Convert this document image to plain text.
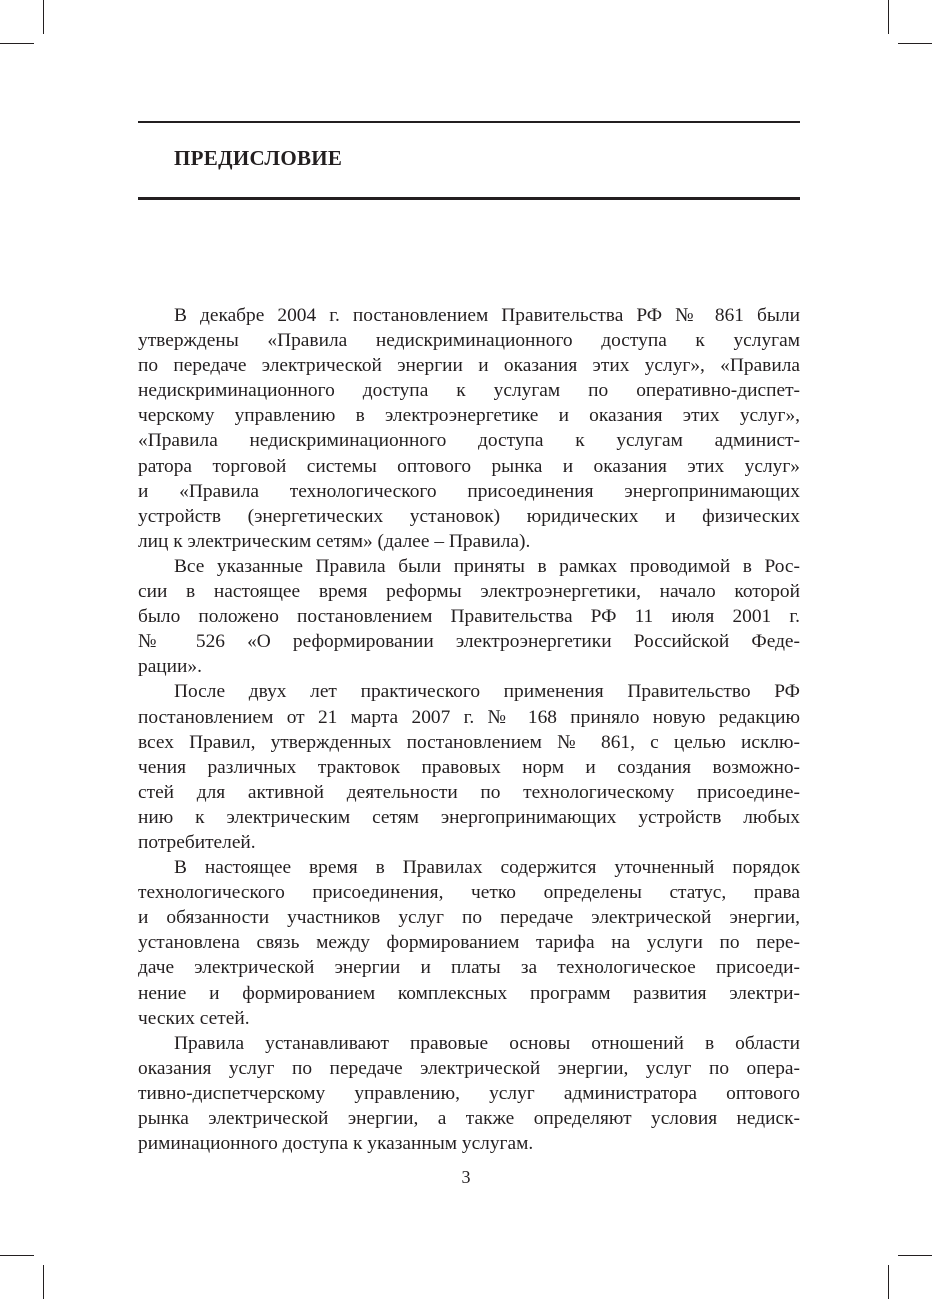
ПРЕДИСЛОВИЕ
В декабре 2004 г. постановлением Правительства РФ № 861 были
утверждены «Правила недискриминационного доступа к услугам
по передаче электрической энергии и оказания этих услуг», «Правила
недискриминационного доступа к услугам по оперативно-диспет-
черскому управлению в электроэнергетике и оказания этих услуг»,
«Правила недискриминационного доступа к услугам админист-
ратора торговой системы оптового рынка и оказания этих услуг»
и «Правила технологического присоединения энергопринимающих
устройств (энергетических установок) юридических и физических
лиц к электрическим сетям» (далее – Правила).
Все указанные Правила были приняты в рамках проводимой в Рос-
сии в настоящее время реформы электроэнергетики, начало которой
было положено постановлением Правительства РФ 11 июля 2001 г.
№ 526 «О реформировании электроэнергетики Российской Феде-
рации».
После двух лет практического применения Правительство РФ
постановлением от 21 марта 2007 г. № 168 приняло новую редакцию
всех Правил, утвержденных постановлением № 861, с целью исклю-
чения различных трактовок правовых норм и создания возможно-
стей для активной деятельности по технологическому присоедине-
нию к электрическим сетям энергопринимающих устройств любых
потребителей.
В настоящее время в Правилах содержится уточненный порядок
технологического присоединения, четко определены статус, права
и обязанности участников услуг по передаче электрической энергии,
установлена связь между формированием тарифа на услуги по пере-
даче электрической энергии и платы за технологическое присоеди-
нение и формированием комплексных программ развития электри-
ческих сетей.
Правила устанавливают правовые основы отношений в области
оказания услуг по передаче электрической энергии, услуг по опера-
тивно-диспетчерскому управлению, услуг администратора оптового
рынка электрической энергии, а также определяют условия недиск-
риминационного доступа к указанным услугам.

3
